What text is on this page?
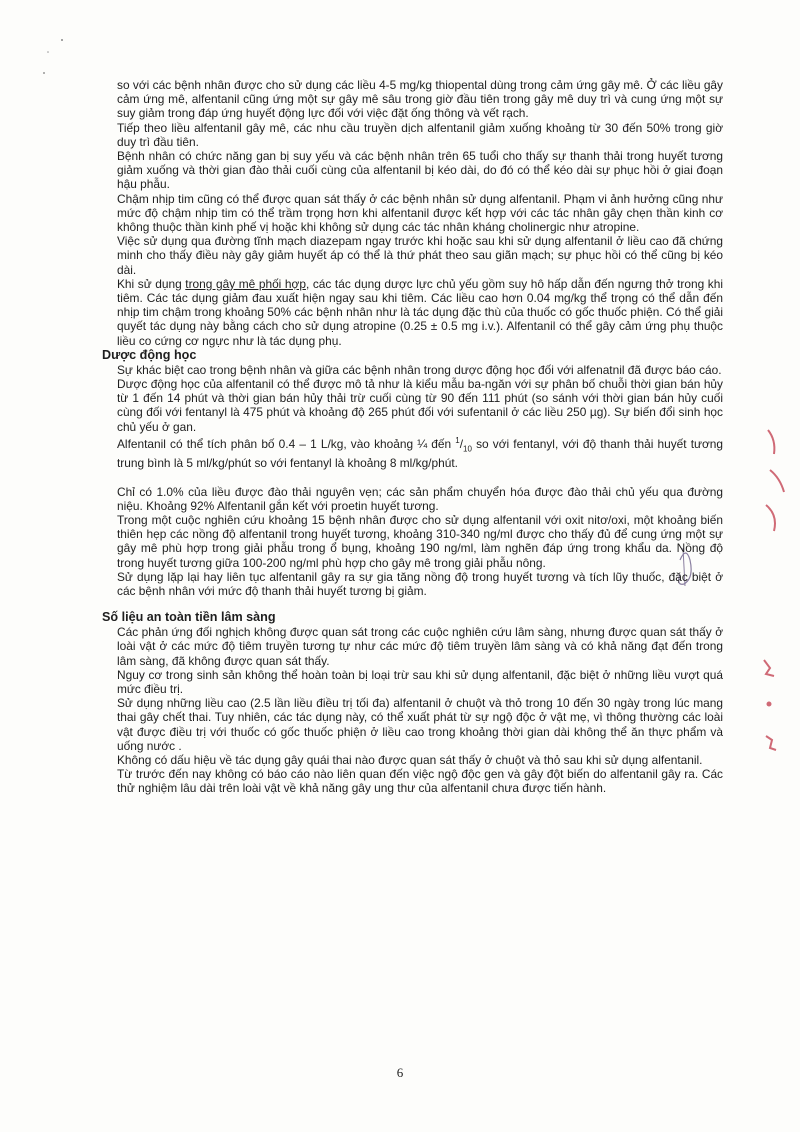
so với các bệnh nhân được cho sử dụng các liều 4-5 mg/kg thiopental dùng trong cảm ứng gây mê. Ở các liều gây cảm ứng mê, alfentanil cũng ứng một sự gây mê sâu trong giờ đầu tiên trong gây mê duy trì và cung ứng một sự suy giảm trong đáp ứng huyết động lực đối với việc đặt ống thông và vết rạch.

Tiếp theo liều alfentanil gây mê, các nhu cầu truyền dịch alfentanil giảm xuống khoảng từ 30 đến 50% trong giờ duy trì đầu tiên.

Bệnh nhân có chức năng gan bị suy yếu và các bệnh nhân trên 65 tuổi cho thấy sự thanh thải trong huyết tương giảm xuống và thời gian đào thải cuối cùng của alfentanil bị kéo dài, do đó có thể kéo dài sự phục hồi ở giai đoạn hậu phẫu.

Chậm nhịp tim cũng có thể được quan sát thấy ở các bệnh nhân sử dụng alfentanil. Phạm vi ảnh hưởng cũng như mức độ chậm nhịp tim có thể trầm trọng hơn khi alfentanil được kết hợp với các tác nhân gây chẹn thần kinh cơ không thuộc thần kinh phế vị hoặc khi không sử dụng các tác nhân kháng cholinergic như atropine.

Việc sử dụng qua đường tĩnh mạch diazepam ngay trước khi hoặc sau khi sử dụng alfentanil ở liều cao đã chứng minh cho thấy điều này gây giảm huyết áp có thể là thứ phát theo sau giãn mạch; sự phục hồi có thể cũng bị kéo dài.

Khi sử dụng trong gây mê phối hợp, các tác dụng dược lực chủ yếu gồm suy hô hấp dẫn đến ngưng thở trong khi tiêm. Các tác dụng giảm đau xuất hiện ngay sau khi tiêm. Các liều cao hơn 0.04 mg/kg thể trọng có thể dẫn đến nhịp tim chậm trong khoảng 50% các bệnh nhân như là tác dụng đặc thù của thuốc có gốc thuốc phiện. Có thể giải quyết tác dụng này bằng cách cho sử dụng atropine (0.25 ± 0.5 mg i.v.). Alfentanil có thể gây cảm ứng phụ thuộc liều co cứng cơ ngực như là tác dụng phụ.

Dược động học

Sự khác biệt cao trong bệnh nhân và giữa các bệnh nhân trong dược động học đối với alfenatnil đã được báo cáo.

Dược động học của alfentanil có thể được mô tả như là kiểu mẫu ba-ngăn với sự phân bố chuỗi thời gian bán hủy từ 1 đến 14 phút và thời gian bán hủy thải trừ cuối cùng từ 90 đến 111 phút (so sánh với thời gian bán hủy cuối cùng đối với fentanyl là 475 phút và khoảng độ 265 phút đối với sufentanil ở các liều 250 µg). Sự biến đổi sinh học chủ yếu ở gan.

Alfentanil có thể tích phân bố 0.4 – 1 L/kg, vào khoảng ¼ đến $^1/_{10}$ so với fentanyl, với độ thanh thải huyết tương trung bình là 5 ml/kg/phút so với fentanyl là khoảng 8 ml/kg/phút.

Chỉ có 1.0% của liều được đào thải nguyên vẹn; các sản phẩm chuyển hóa được đào thải chủ yếu qua đường niệu. Khoảng 92% Alfentanil gắn kết với proetin huyết tương.

Trong một cuộc nghiên cứu khoảng 15 bệnh nhân được cho sử dụng alfentanil với oxit nitơ/oxi, một khoảng biến thiên hẹp các nồng độ alfentanil trong huyết tương, khoảng 310-340 ng/ml được cho thấy đủ để cung ứng một sự gây mê phù hợp trong giải phẫu trong ổ bụng, khoảng 190 ng/ml, làm nghẽn đáp ứng trong khẩu da. Nồng độ trong huyết tương giữa 100-200 ng/ml phù hợp cho gây mê trong giải phẫu nông.

Sử dụng lặp lại hay liên tục alfentanil gây ra sự gia tăng nồng độ trong huyết tương và tích lũy thuốc, đặc biệt ở các bệnh nhân với mức độ thanh thải huyết tương bị giảm.

Số liệu an toàn tiền lâm sàng

Các phản ứng đối nghịch không được quan sát trong các cuộc nghiên cứu lâm sàng, nhưng được quan sát thấy ở loài vật ở các mức độ tiêm truyền tương tự như các mức độ tiêm truyền lâm sàng và có khả năng đạt đến trong lâm sàng, đã không được quan sát thấy.

Nguy cơ trong sinh sản không thể hoàn toàn bị loại trừ sau khi sử dụng alfentanil, đặc biệt ở những liều vượt quá mức điều trị.

Sử dụng những liều cao (2.5 lần liều điều trị tối đa) alfentanil ở chuột và thỏ trong 10 đến 30 ngày trong lúc mang thai gây chết thai. Tuy nhiên, các tác dụng này, có thể xuất phát từ sự ngộ độc ở vật mẹ, vì thông thường các loài vật được điều trị với thuốc có gốc thuốc phiện ở liều cao trong khoảng thời gian dài không thể ăn thực phẩm và uống nước .

Không có dấu hiệu về tác dụng gây quái thai nào được quan sát thấy ở chuột và thỏ sau khi sử dụng alfentanil.

Từ trước đến nay không có báo cáo nào liên quan đến việc ngộ độc gen và gây đột biến do alfentanil gây ra. Các thử nghiệm lâu dài trên loài vật về khả năng gây ung thư của alfentanil chưa được tiến hành.

6
